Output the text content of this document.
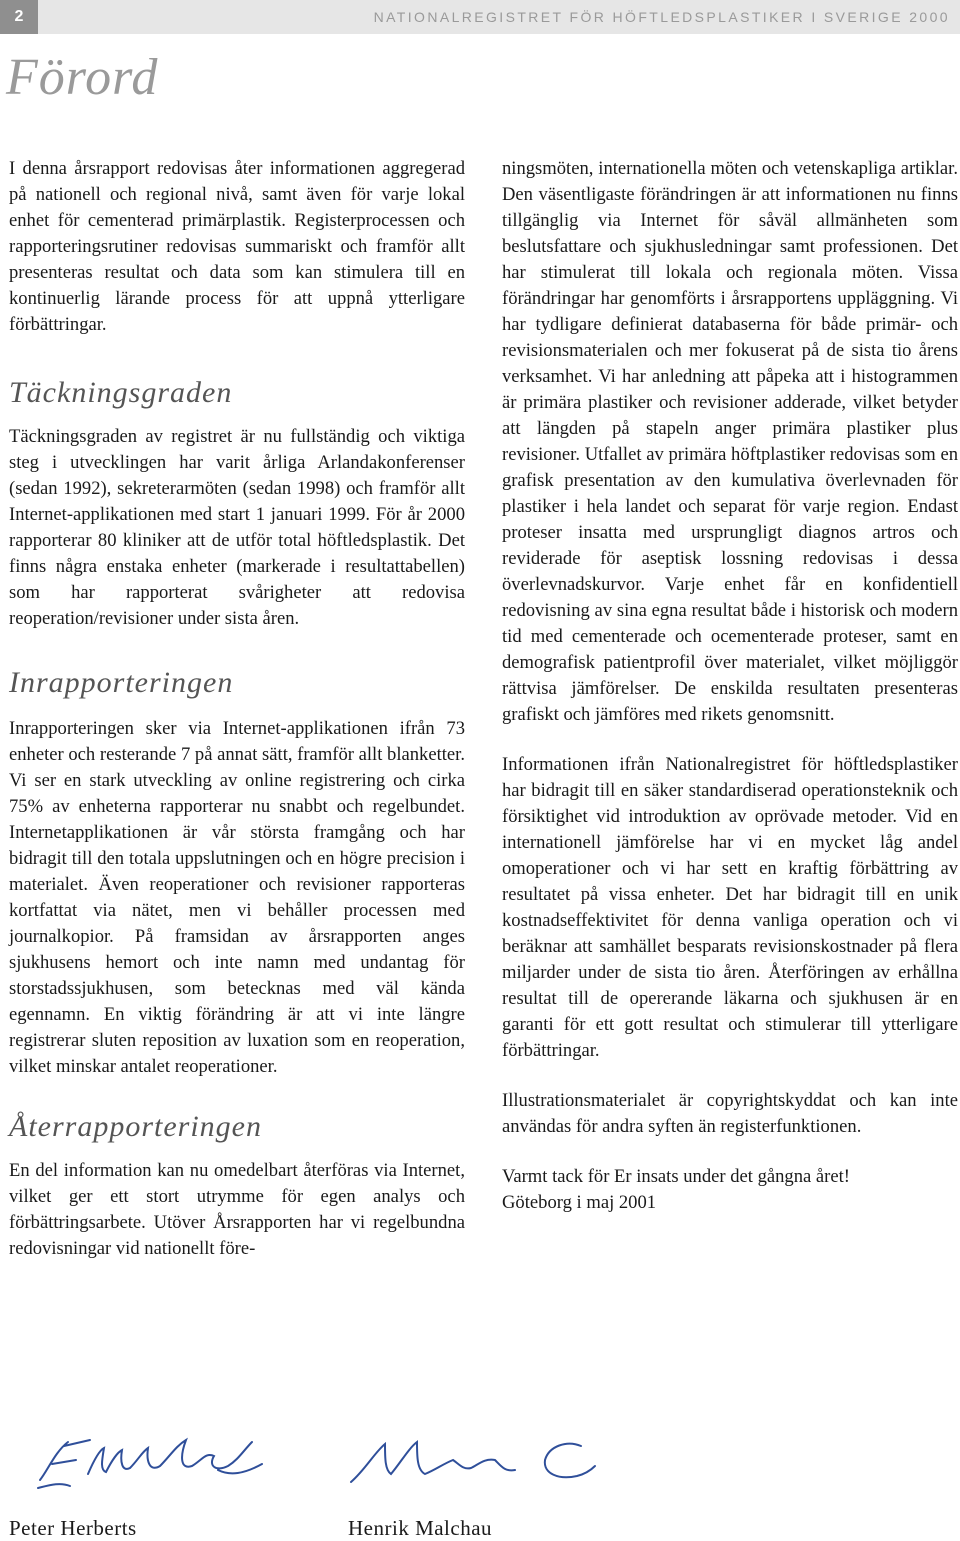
2	NATIONALREGISTRET FÖR HÖFTLEDSPLASTIKER I SVERIGE 2000
Förord

I denna årsrapport redovisas åter informationen aggregerad på nationell och regional nivå, samt även för varje lokal enhet för cementerad primärplastik. Registerprocessen och rapporteringsrutiner redovisas summariskt och framför allt presenteras resultat och data som kan stimulera till en kontinuerlig lärande process för att uppnå ytterligare förbättringar.

Täckningsgraden

Täckningsgraden av registret är nu fullständig och viktiga steg i utvecklingen har varit årliga Arlandakonferenser (sedan 1992), sekreterarmöten (sedan 1998) och framför allt Internet-applikationen med start 1 januari 1999. För år 2000 rapporterar 80 kliniker att de utför total höftledsplastik. Det finns några enstaka enheter (markerade i resultattabellen) som har rapporterat svårigheter att redovisa reoperation/revisioner under sista åren.

Inrapporteringen

Inrapporteringen sker via Internet-applikationen ifrån 73 enheter och resterande 7 på annat sätt, framför allt blanketter. Vi ser en stark utveckling av online registrering och cirka 75% av enheterna rapporterar nu snabbt och regelbundet. Internetapplikationen är vår största framgång och har bidragit till den totala uppslutningen och en högre precision i materialet. Även reoperationer och revisioner rapporteras kortfattat via nätet, men vi behåller processen med journalkopior. På framsidan av årsrapporten anges sjukhusens hemort och inte namn med undantag för storstadssjukhusen, som betecknas med väl kända egennamn. En viktig förändring är att vi inte längre registrerar sluten reposition av luxation som en reoperation, vilket minskar antalet reoperationer.

Återrapporteringen

En del information kan nu omedelbart återföras via Internet, vilket ger ett stort utrymme för egen analys och förbättringsarbete. Utöver Årsrapporten har vi regelbundna redovisningar vid nationellt före-

ningsmöten, internationella möten och vetenskapliga artiklar. Den väsentligaste förändringen är att informationen nu finns tillgänglig via Internet för såväl allmänheten som beslutsfattare och sjukhusledningar samt professionen. Det har stimulerat till lokala och regionala möten. Vissa förändringar har genomförts i årsrapportens uppläggning. Vi har tydligare definierat databaserna för både primär- och revisionsmaterialen och mer fokuserat på de sista tio årens verksamhet. Vi har anledning att påpeka att i histogrammen är primära plastiker och revisioner adderade, vilket betyder att längden på stapeln anger primära plastiker plus revisioner. Utfallet av primära höftplastiker redovisas som en grafisk presentation av den kumulativa överlevnaden för plastiker i hela landet och separat för varje region. Endast proteser insatta med ursprungligt diagnos artros och reviderade för aseptisk lossning redovisas i dessa överlevnadskurvor. Varje enhet får en konfidentiell redovisning av sina egna resultat både i historisk och modern tid med cementerade och ocementerade proteser, samt en demografisk patientprofil över materialet, vilket möjliggör rättvisa jämförelser. De enskilda resultaten presenteras grafiskt och jämföres med rikets genomsnitt.

Informationen ifrån Nationalregistret för höftledsplastiker har bidragit till en säker standardiserad operationsteknik och försiktighet vid introduktion av oprövade metoder. Vid en internationell jämförelse har vi en mycket låg andel omoperationer och vi har sett en kraftig förbättring av resultatet på vissa enheter. Det har bidragit till en unik kostnadseffektivitet för denna vanliga operation och vi beräknar att samhället besparats revisionskostnader på flera miljarder under de sista tio åren. Återföringen av erhållna resultat till de opererande läkarna och sjukhusen är en garanti för ett gott resultat och stimulerar till ytterligare förbättringar.

Illustrationsmaterialet är copyrightskyddat och kan inte användas för andra syften än registerfunktionen.

Varmt tack för Er insats under det gångna året!

Göteborg i maj 2001

Peter Herberts	Henrik Malchau
